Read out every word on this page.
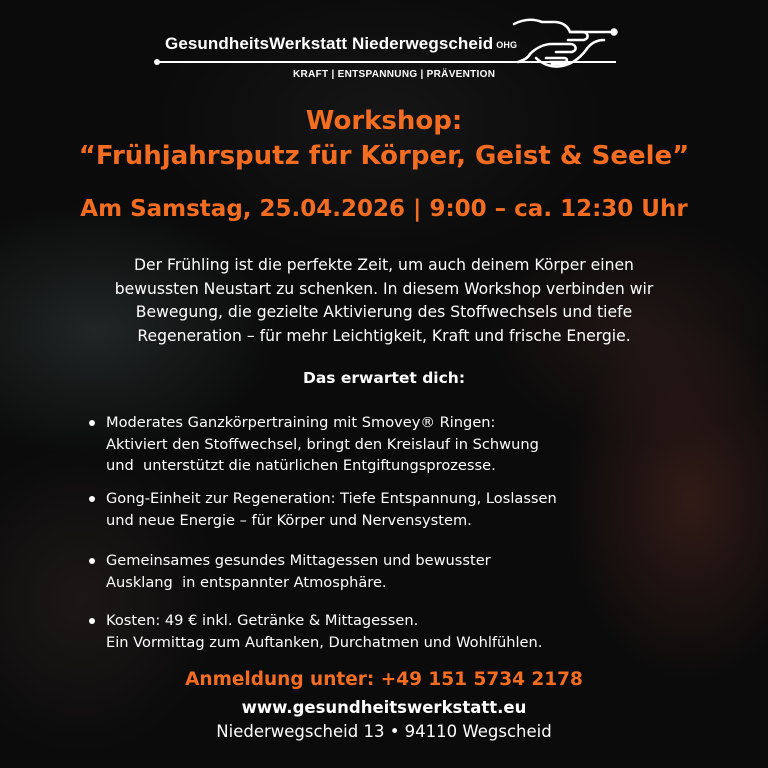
GesundheitsWerkstatt Niederwegscheid OHG
KRAFT | ENTSPANNUNG | PRÄVENTION
Workshop:
“Frühjahrsputz für Körper, Geist & Seele”
Am Samstag, 25.04.2026 | 9:00 – ca. 12:30 Uhr
Der Frühling ist die perfekte Zeit, um auch deinem Körper einen
bewussten Neustart zu schenken. In diesem Workshop verbinden wir
Bewegung, die gezielte Aktivierung des Stoffwechsels und tiefe
Regeneration – für mehr Leichtigkeit, Kraft und frische Energie.
Das erwartet dich:
Moderates Ganzkörpertraining mit Smovey® Ringen:
Aktiviert den Stoffwechsel, bringt den Kreislauf in Schwung
und  unterstützt die natürlichen Entgiftungsprozesse.
Gong-Einheit zur Regeneration: Tiefe Entspannung, Loslassen
und neue Energie – für Körper und Nervensystem.
Gemeinsames gesundes Mittagessen und bewusster
Ausklang  in entspannter Atmosphäre.
Kosten: 49 € inkl. Getränke & Mittagessen.
Ein Vormittag zum Auftanken, Durchatmen und Wohlfühlen.
Anmeldung unter: +49 151 5734 2178
www.gesundheitswerkstatt.eu
Niederwegscheid 13 • 94110 Wegscheid
